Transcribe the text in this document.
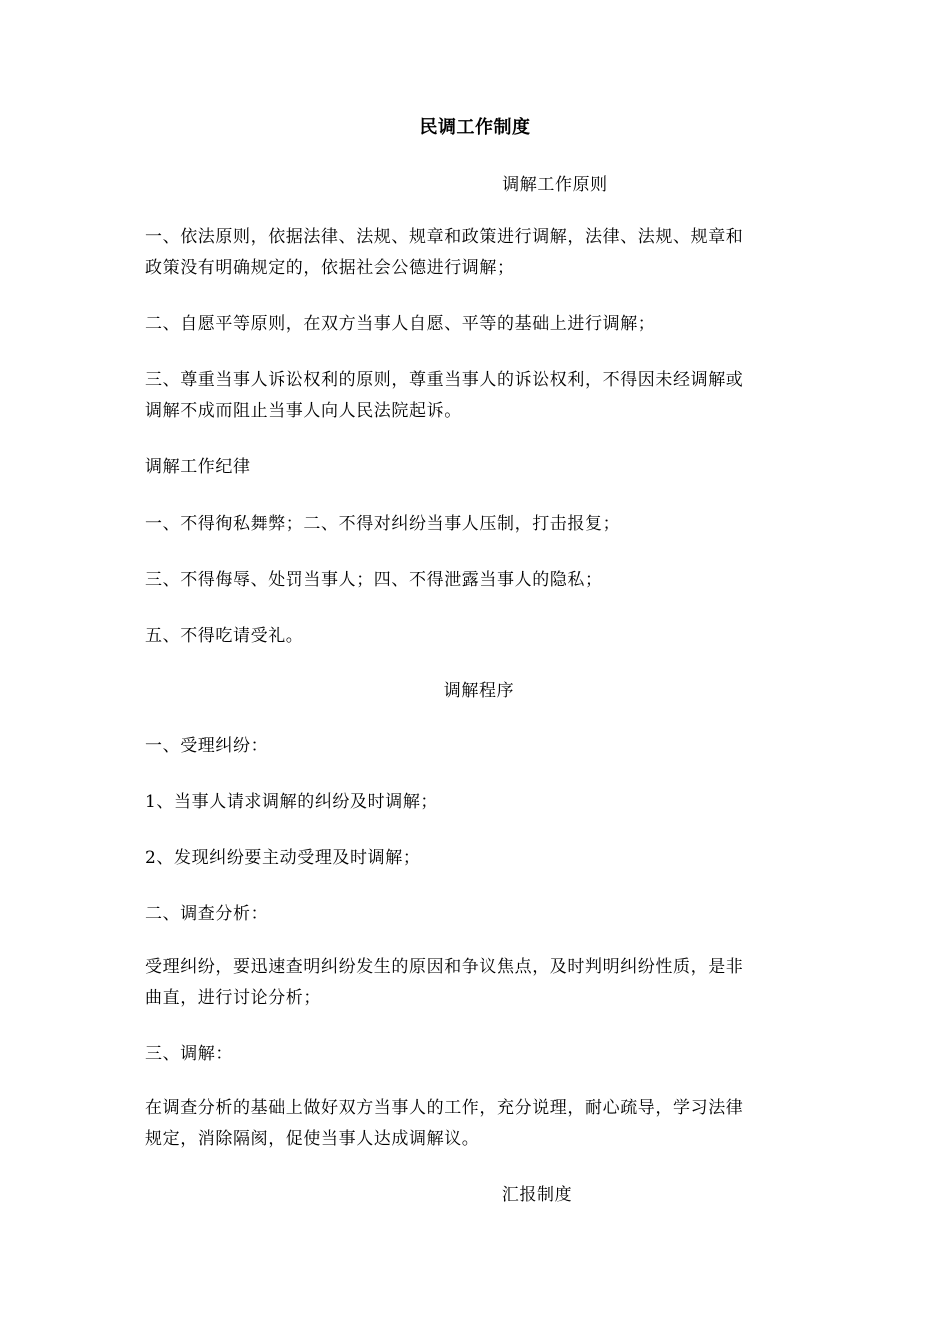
民调工作制度
调解工作原则
一、依法原则，依据法律、法规、规章和政策进行调解，法律、法规、规章和
政策没有明确规定的，依据社会公德进行调解；
二、自愿平等原则，在双方当事人自愿、平等的基础上进行调解；
三、尊重当事人诉讼权利的原则，尊重当事人的诉讼权利，不得因未经调解或
调解不成而阻止当事人向人民法院起诉。
调解工作纪律
一、不得徇私舞弊；二、不得对纠纷当事人压制，打击报复；
三、不得侮辱、处罚当事人；四、不得泄露当事人的隐私；
五、不得吃请受礼。
调解程序
一、受理纠纷：
1、当事人请求调解的纠纷及时调解；
2、发现纠纷要主动受理及时调解；
二、调查分析：
受理纠纷，要迅速查明纠纷发生的原因和争议焦点，及时判明纠纷性质，是非
曲直，进行讨论分析；
三、调解：
在调查分析的基础上做好双方当事人的工作，充分说理，耐心疏导，学习法律
规定，消除隔阂，促使当事人达成调解议。
汇报制度
